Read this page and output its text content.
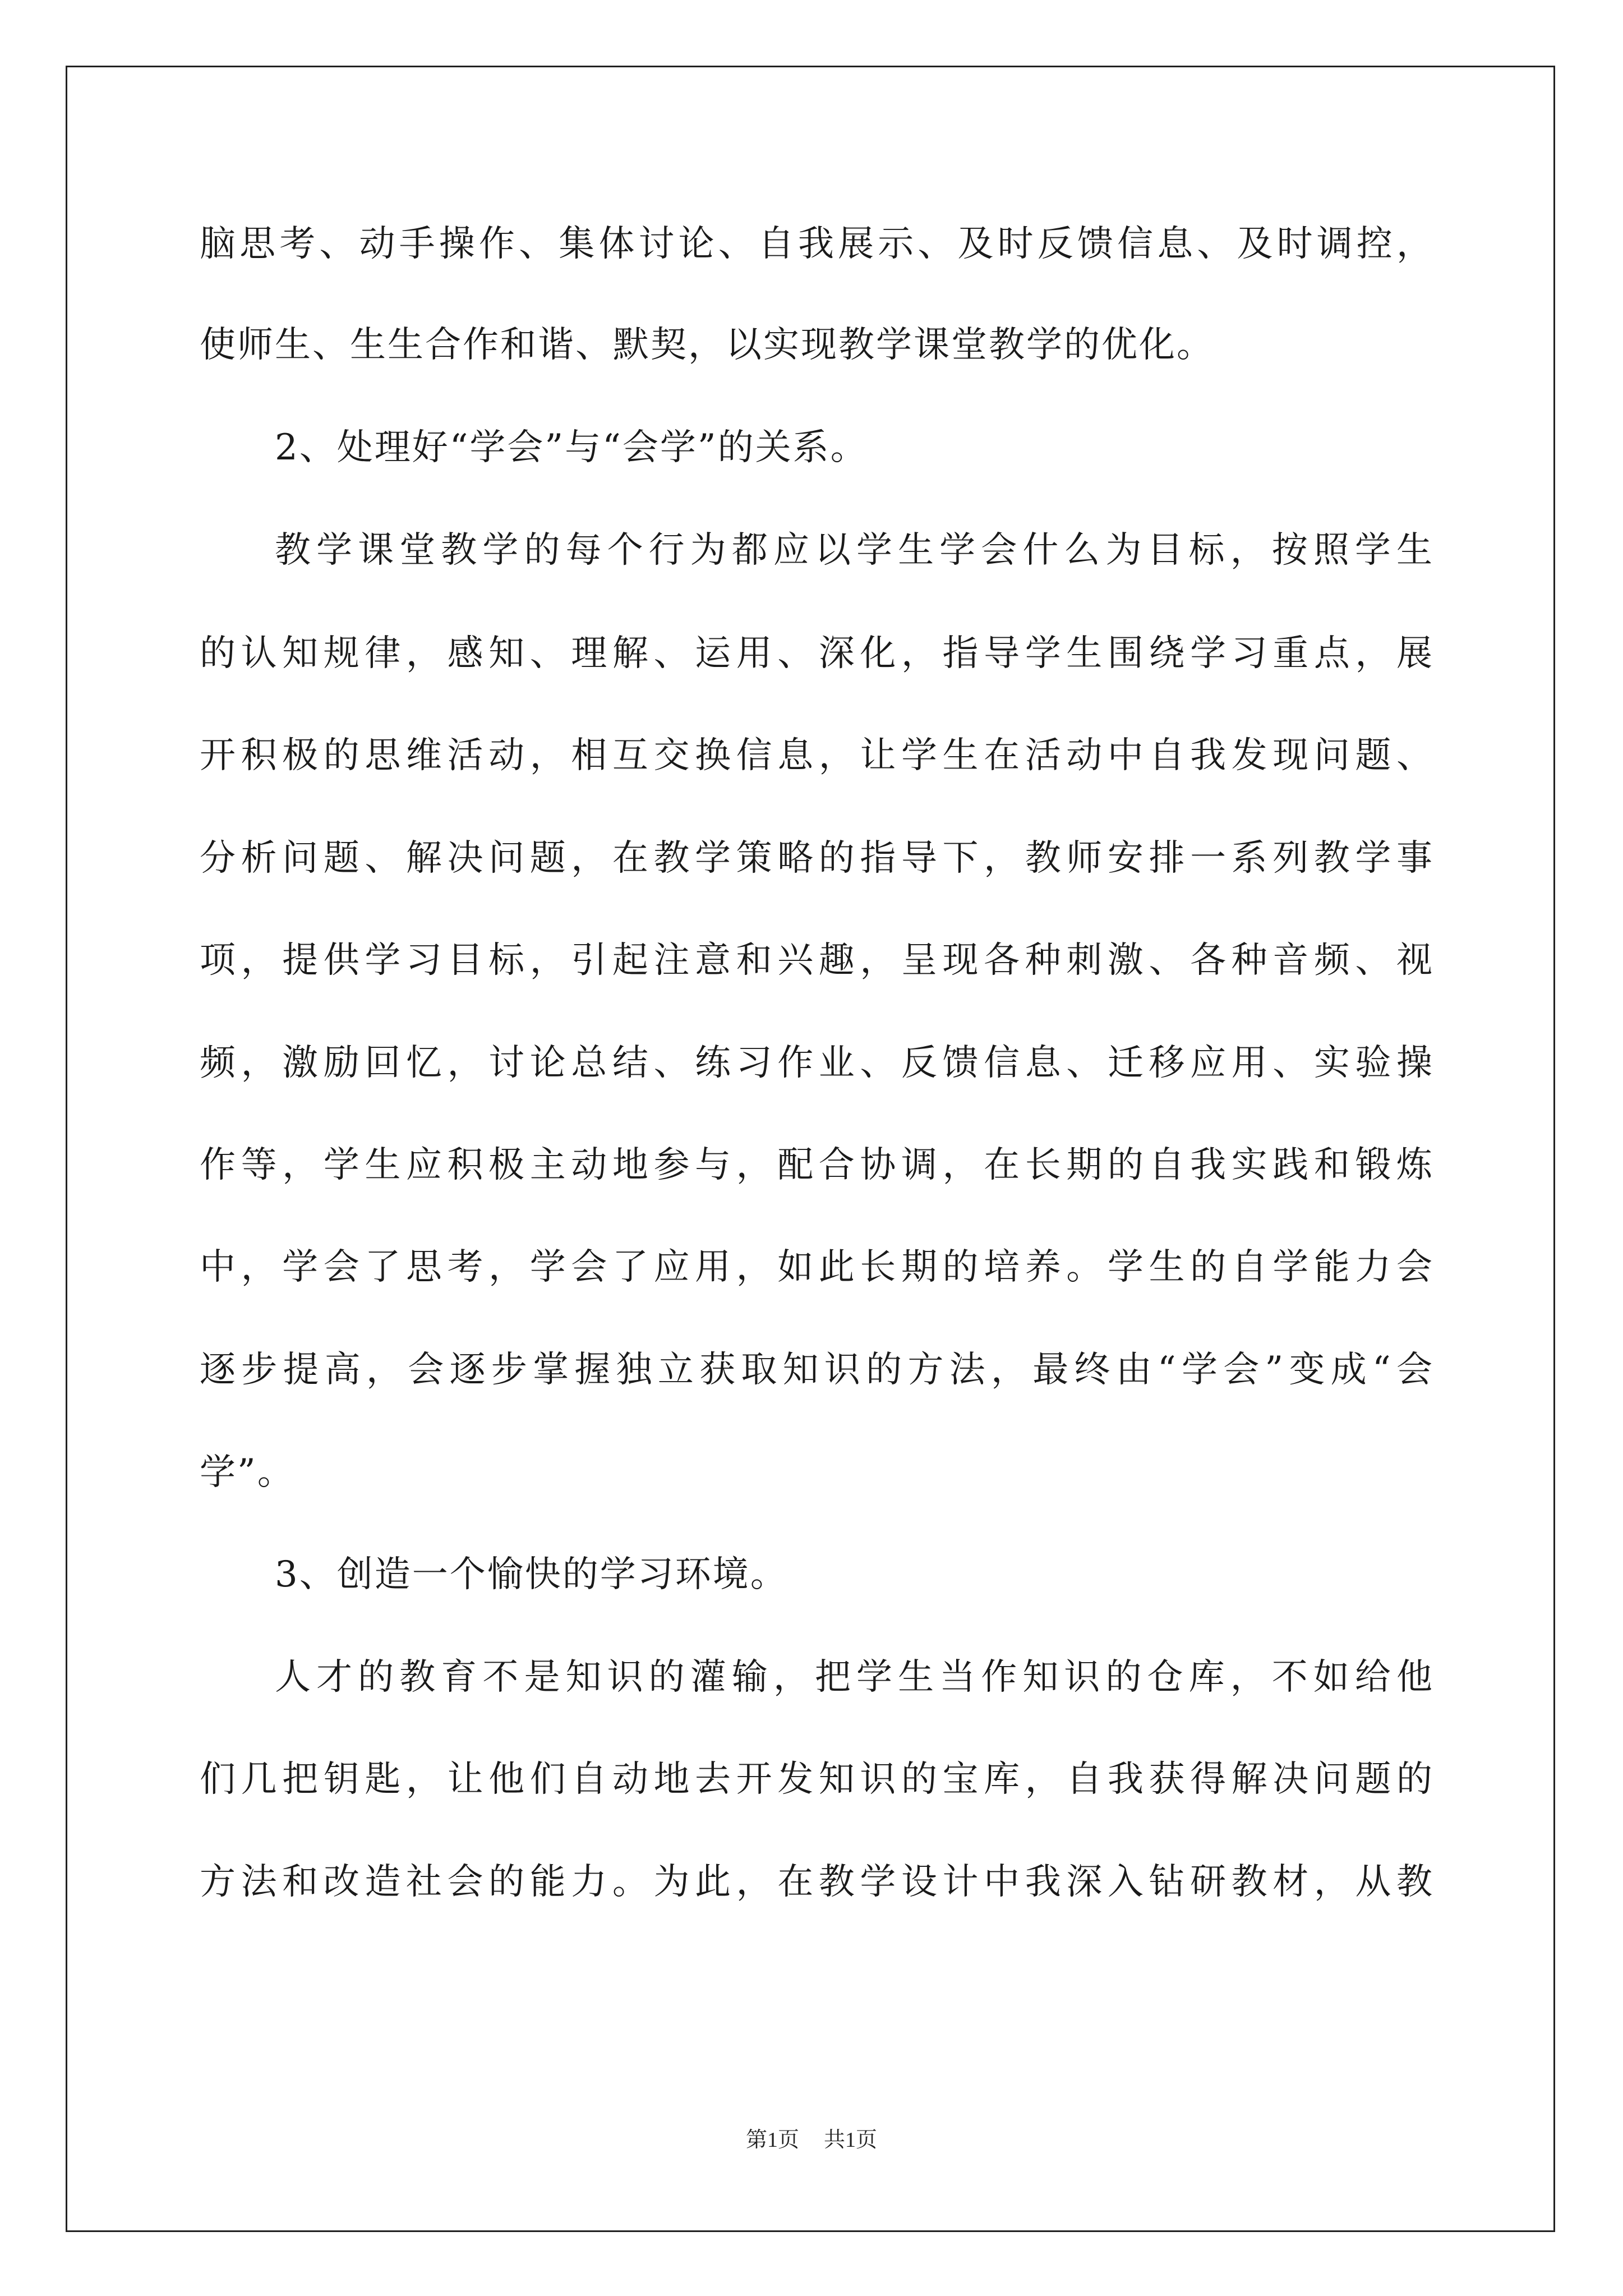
脑思考、动手操作、集体讨论、自我展示、及时反馈信息、及时调控，
使师生、生生合作和谐、默契，以实现教学课堂教学的优化。
2、处理好“学会”与“会学”的关系。
教学课堂教学的每个行为都应以学生学会什么为目标，按照学生
的认知规律，感知、理解、运用、深化，指导学生围绕学习重点，展
开积极的思维活动，相互交换信息，让学生在活动中自我发现问题、
分析问题、解决问题，在教学策略的指导下，教师安排一系列教学事
项，提供学习目标，引起注意和兴趣，呈现各种刺激、各种音频、视
频，激励回忆，讨论总结、练习作业、反馈信息、迁移应用、实验操
作等，学生应积极主动地参与，配合协调，在长期的自我实践和锻炼
中，学会了思考，学会了应用，如此长期的培养。学生的自学能力会
逐步提高，会逐步掌握独立获取知识的方法，最终由“学会”变成“会
学”。
3、创造一个愉快的学习环境。
人才的教育不是知识的灌输，把学生当作知识的仓库，不如给他
们几把钥匙，让他们自动地去开发知识的宝库，自我获得解决问题的
方法和改造社会的能力。为此，在教学设计中我深入钻研教材，从教
第1页 共1页
